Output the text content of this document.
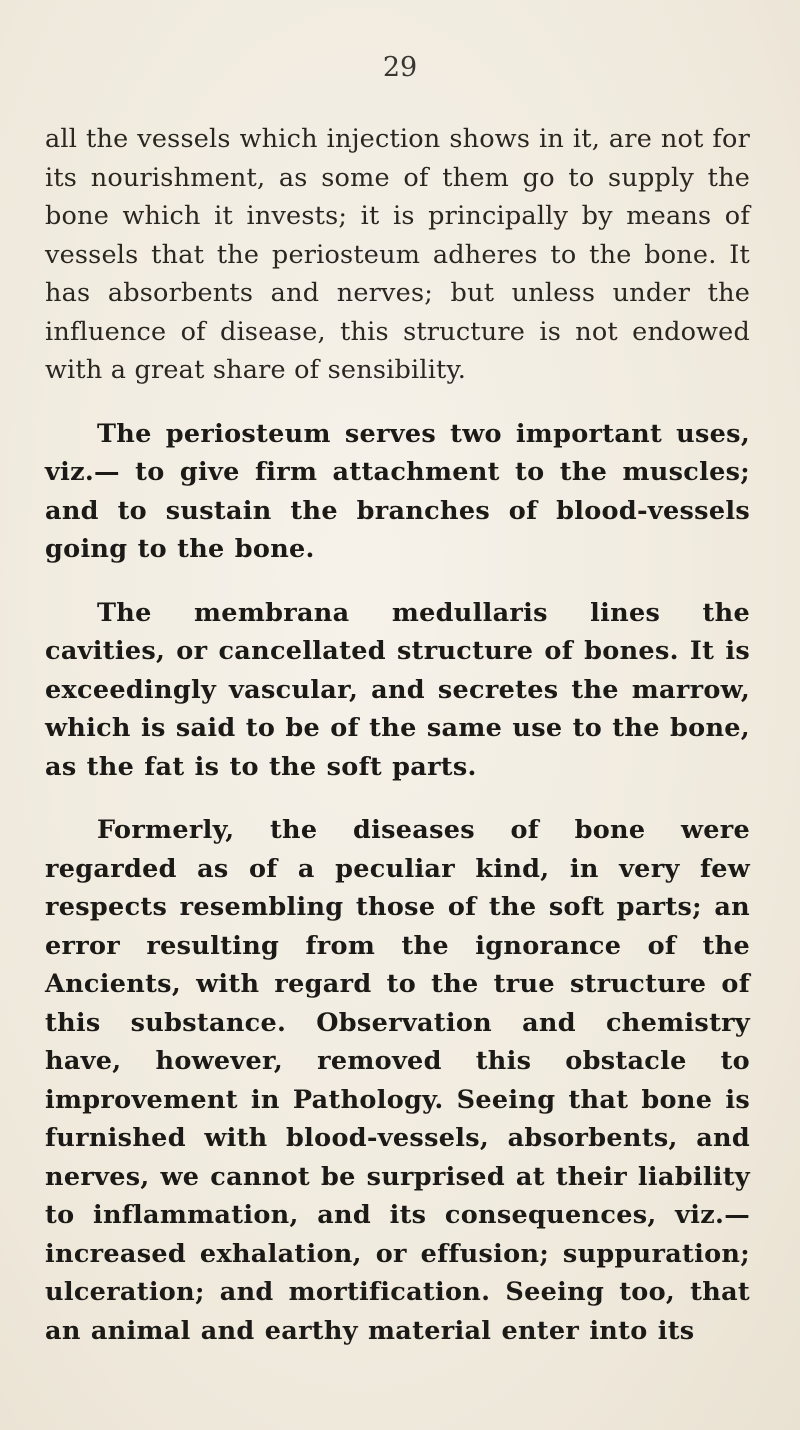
29

all the vessels which injection shows in it, are not for its nourishment, as some of them go to supply the bone which it invests; it is principally by means of vessels that the periosteum adheres to the bone. It has absorbents and nerves; but unless under the influence of disease, this structure is not endowed with a great share of sensibility.

The periosteum serves two important uses, viz.— to give firm attachment to the muscles; and to sustain the branches of blood-vessels going to the bone.

The membrana medullaris lines the cavities, or cancellated structure of bones. It is exceedingly vascular, and secretes the marrow, which is said to be of the same use to the bone, as the fat is to the soft parts.

Formerly, the diseases of bone were regarded as of a peculiar kind, in very few respects resembling those of the soft parts; an error resulting from the ignorance of the Ancients, with regard to the true structure of this substance. Observation and chemistry have, however, removed this obstacle to improvement in Pathology. Seeing that bone is furnished with blood-vessels, absorbents, and nerves, we cannot be surprised at their liability to inflammation, and its consequences, viz.—increased exhalation, or effusion; suppuration; ulceration; and mortification. Seeing too, that an animal and earthy material enter into its
